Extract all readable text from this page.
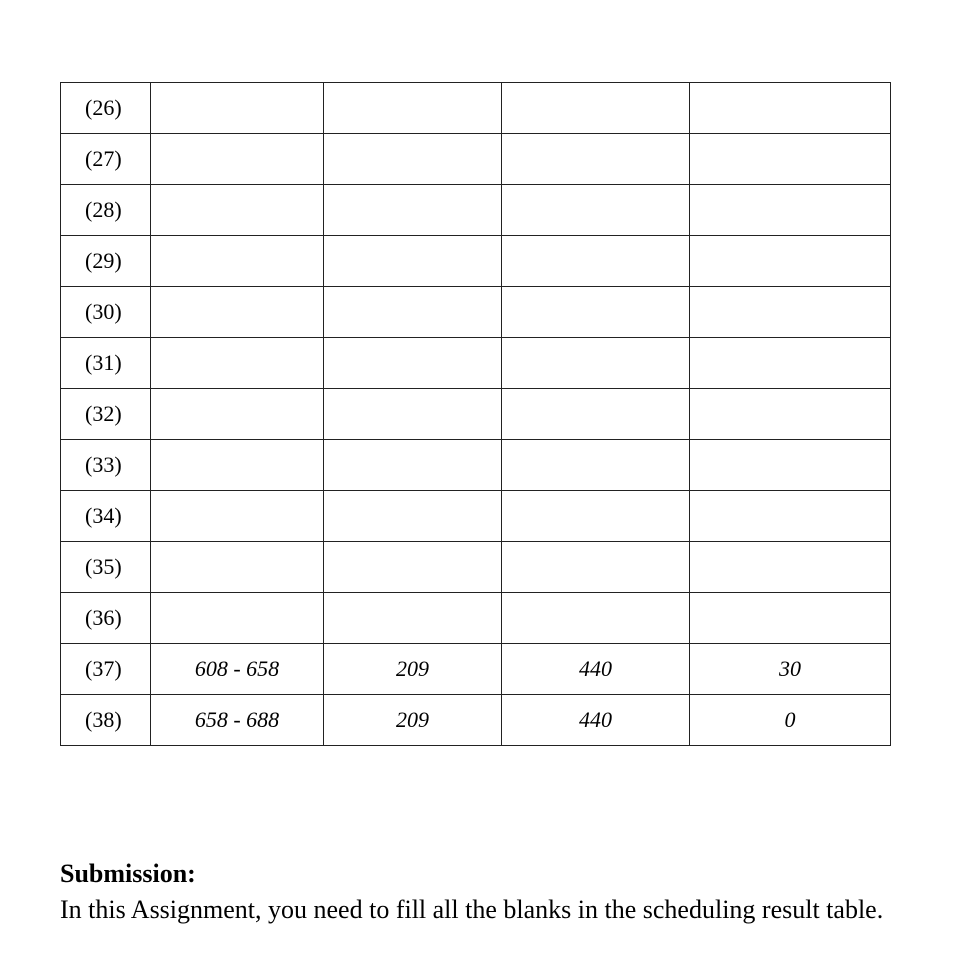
(26)				
(27)				
(28)				
(29)				
(30)				
(31)				
(32)				
(33)				
(34)				
(35)				
(36)				
(37)	608 - 658	209	440	30
(38)	658 - 688	209	440	0
Submission:
In this Assignment, you need to fill all the blanks in the scheduling result table.
